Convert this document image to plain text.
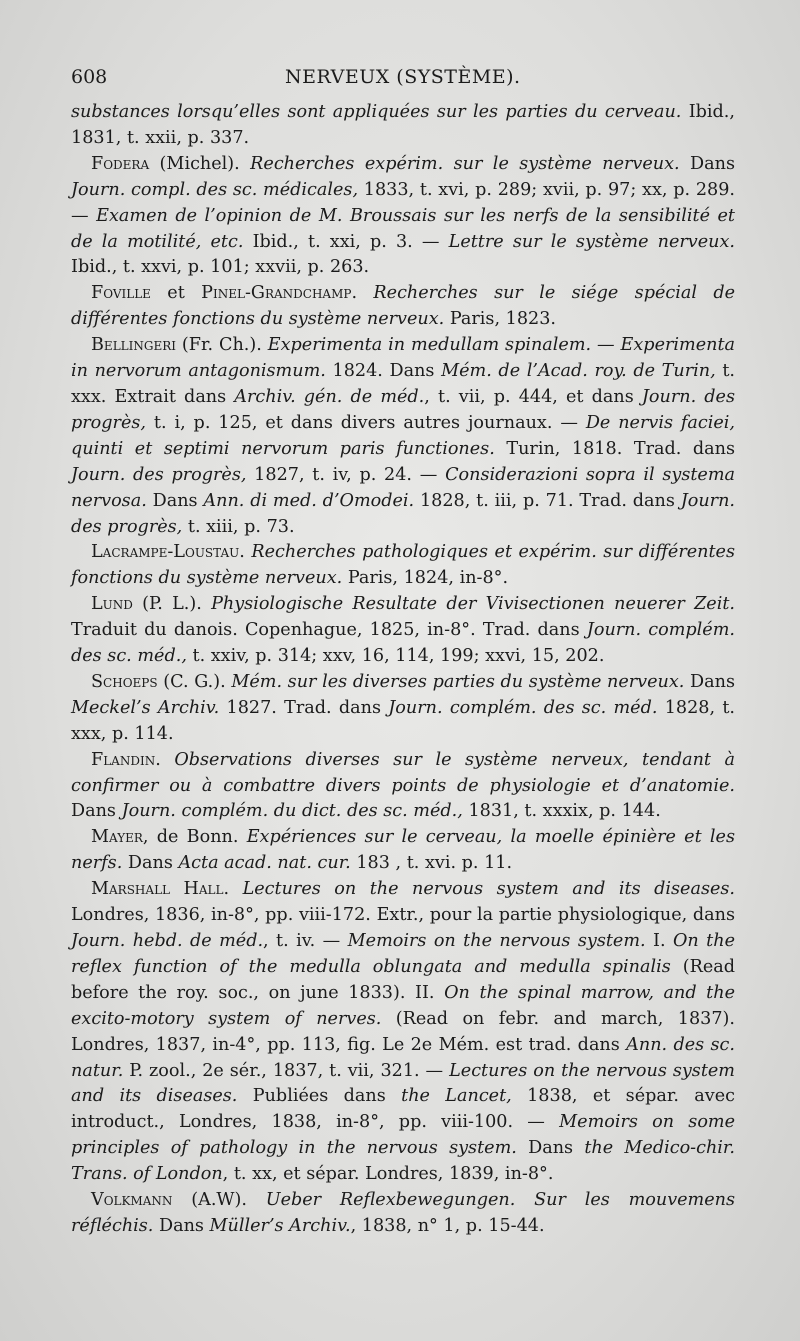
608	NERVEUX (SYSTÈME).

substances lorsqu’elles sont appliquées sur les parties du cerveau. Ibid., 1831, t. xxii, p. 337.

Fodera (Michel). Recherches expérim. sur le système nerveux. Dans Journ. compl. des sc. médicales, 1833, t. xvi, p. 289; xvii, p. 97; xx, p. 289. — Examen de l’opinion de M. Broussais sur les nerfs de la sensibilité et de la motilité, etc. Ibid., t. xxi, p. 3. — Lettre sur le système nerveux. Ibid., t. xxvi, p. 101; xxvii, p. 263.

Foville et Pinel-Grandchamp. Recherches sur le siége spécial de différentes fonctions du système nerveux. Paris, 1823.

Bellingeri (Fr. Ch.). Experimenta in medullam spinalem. — Experimenta in nervorum antagonismum. 1824. Dans Mém. de l’Acad. roy. de Turin, t. xxx. Extrait dans Archiv. gén. de méd., t. vii, p. 444, et dans Journ. des progrès, t. i, p. 125, et dans divers autres journaux. — De nervis faciei, quinti et septimi nervorum paris functiones. Turin, 1818. Trad. dans Journ. des progrès, 1827, t. iv, p. 24. — Considerazioni sopra il systema nervosa. Dans Ann. di med. d’Omodei. 1828, t. iii, p. 71. Trad. dans Journ. des progrès, t. xiii, p. 73.

Lacrampe-Loustau. Recherches pathologiques et expérim. sur différentes fonctions du système nerveux. Paris, 1824, in-8°.

Lund (P. L.). Physiologische Resultate der Vivisectionen neuerer Zeit. Traduit du danois. Copenhague, 1825, in-8°. Trad. dans Journ. complém. des sc. méd., t. xxiv, p. 314; xxv, 16, 114, 199; xxvi, 15, 202.

Schoeps (C. G.). Mém. sur les diverses parties du système nerveux. Dans Meckel’s Archiv. 1827. Trad. dans Journ. complém. des sc. méd. 1828, t. xxx, p. 114.

Flandin. Observations diverses sur le système nerveux, tendant à confirmer ou à combattre divers points de physiologie et d’anatomie. Dans Journ. complém. du dict. des sc. méd., 1831, t. xxxix, p. 144.

Mayer, de Bonn. Expériences sur le cerveau, la moelle épinière et les nerfs. Dans Acta acad. nat. cur. 183 , t. xvi. p. 11.

Marshall Hall. Lectures on the nervous system and its diseases. Londres, 1836, in-8°, pp. viii-172. Extr., pour la partie physiologique, dans Journ. hebd. de méd., t. iv. — Memoirs on the nervous system. I. On the reflex function of the medulla oblungata and medulla spinalis (Read before the roy. soc., on june 1833). II. On the spinal marrow, and the excito-motory system of nerves. (Read on febr. and march, 1837). Londres, 1837, in-4°, pp. 113, fig. Le 2e Mém. est trad. dans Ann. des sc. natur. P. zool., 2e sér., 1837, t. vii, 321. — Lectures on the nervous system and its diseases. Publiées dans the Lancet, 1838, et sépar. avec introduct., Londres, 1838, in-8°, pp. viii-100. — Memoirs on some principles of pathology in the nervous system. Dans the Medico-chir. Trans. of London, t. xx, et sépar. Londres, 1839, in-8°.

Volkmann (A.W). Ueber Reflexbewegungen. Sur les mouvemens réfléchis. Dans Müller’s Archiv., 1838, n° 1, p. 15-44.
